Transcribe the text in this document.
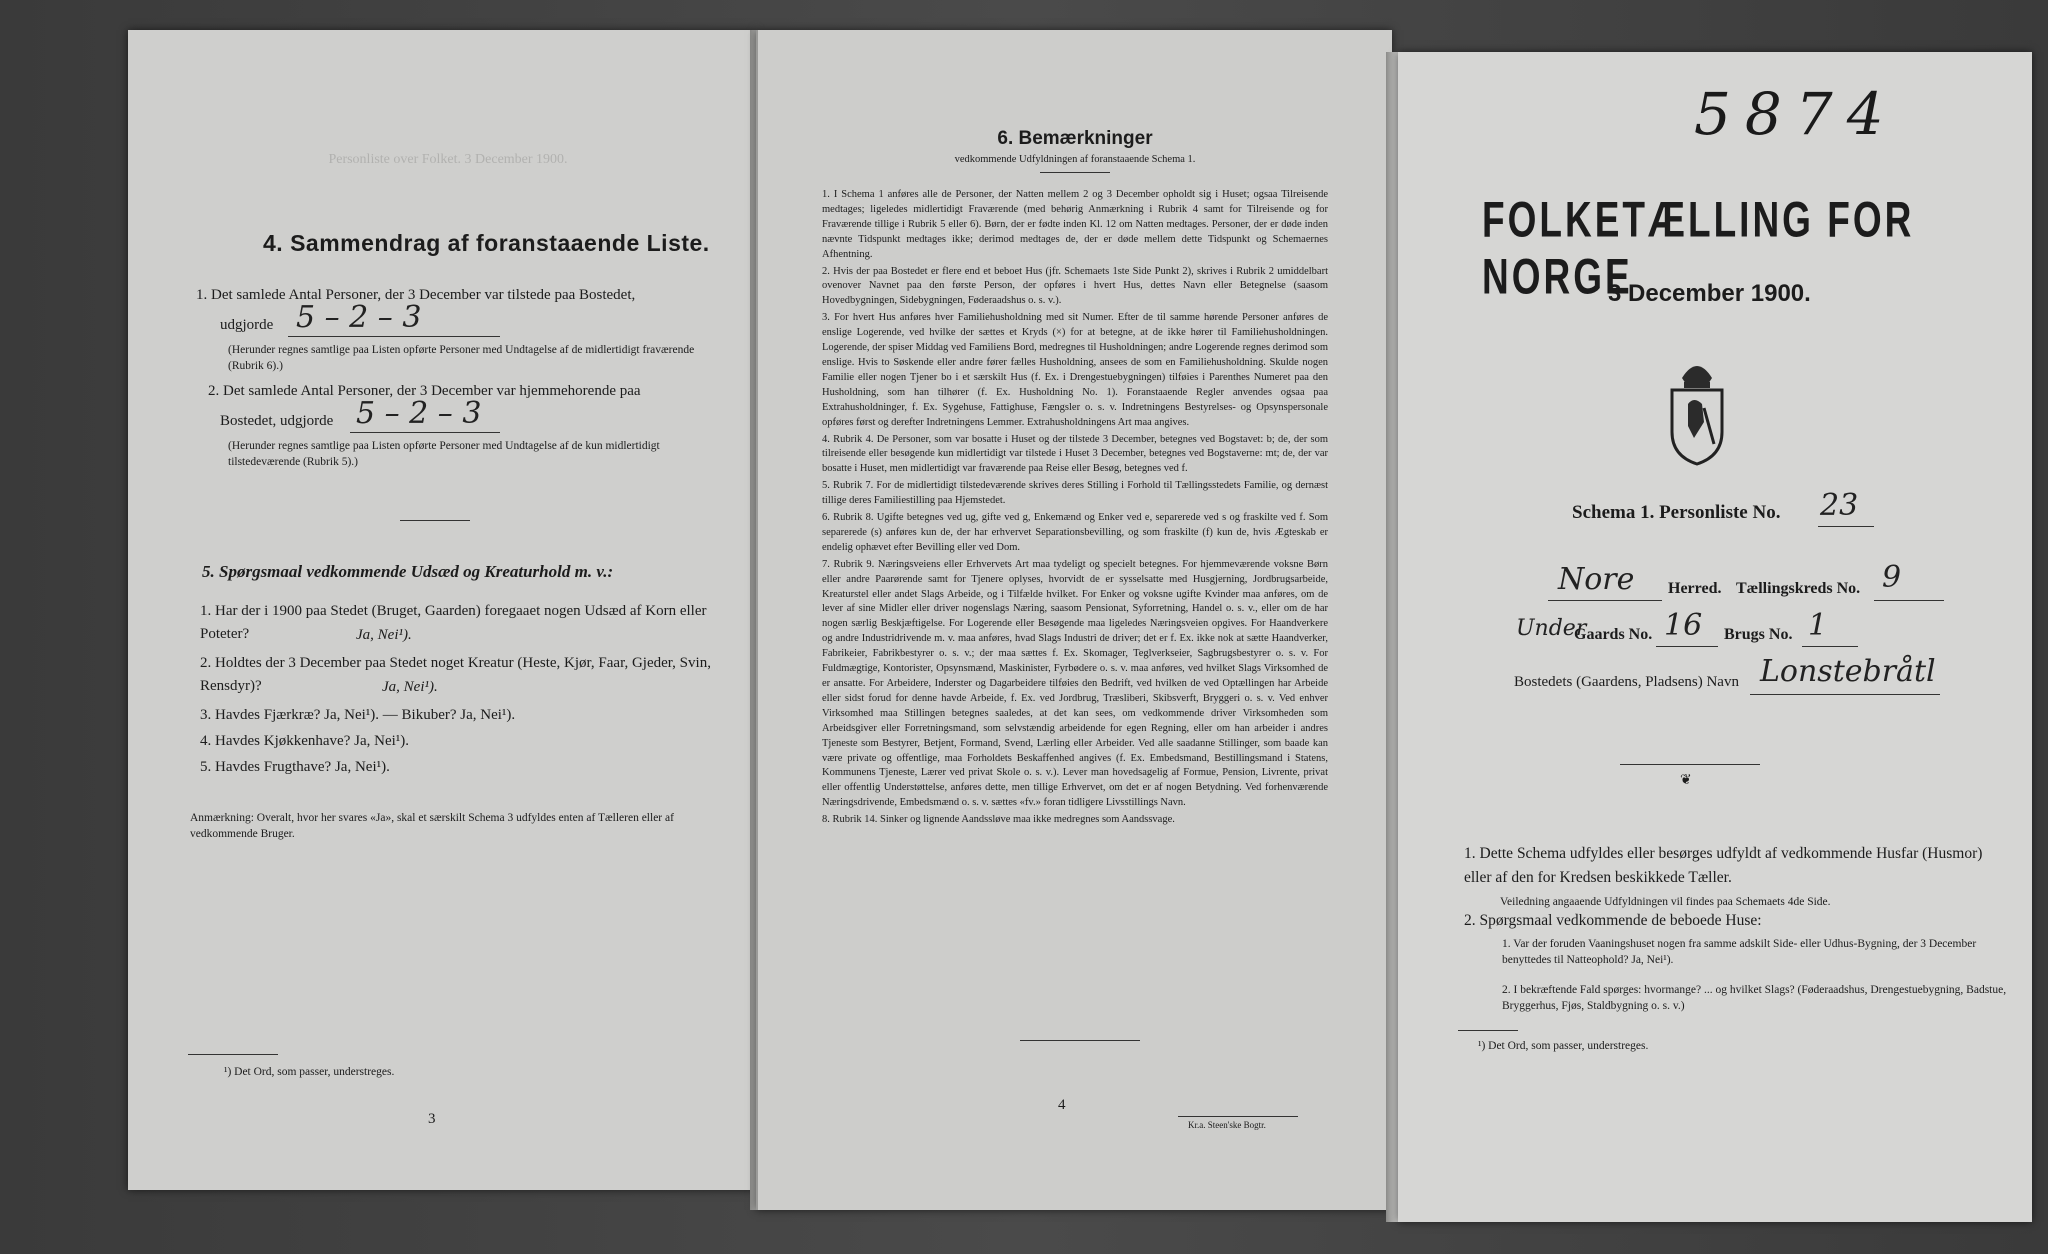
Personliste over Folket. 3 December 1900.
4. Sammendrag af foranstaaende Liste.
1. Det samlede Antal Personer, der 3 December var tilstede paa Bostedet,
udgjorde 5 – 2 – 3
(Herunder regnes samtlige paa Listen opførte Personer med Undtagelse af de midlertidigt fraværende (Rubrik 6).)
2. Det samlede Antal Personer, der 3 December var hjemmehorende paa
Bostedet, udgjorde 5 – 2 – 3
(Herunder regnes samtlige paa Listen opførte Personer med Undtagelse af de kun midlertidigt tilstedeværende (Rubrik 5).)
5. Spørgsmaal vedkommende Udsæd og Kreaturhold m. v.:
1. Har der i 1900 paa Stedet (Bruget, Gaarden) foregaaet nogen Udsæd af Korn eller Poteter?	Ja, Nei¹).
2. Holdtes der 3 December paa Stedet noget Kreatur (Heste, Kjør, Faar, Gjeder, Svin, Rensdyr)?	Ja, Nei¹).
3. Havdes Fjærkræ? Ja, Nei¹). — Bikuber? Ja, Nei¹).
4. Havdes Kjøkkenhave? Ja, Nei¹).
5. Havdes Frugthave? Ja, Nei¹).
Anmærkning: Overalt, hvor her svares «Ja», skal et særskilt Schema 3 udfyldes enten af Tælleren eller af vedkommende Bruger.
¹) Det Ord, som passer, understreges.
3
6. Bemærkninger
vedkommende Udfyldningen af foranstaaende Schema 1.
1. I Schema 1 anføres alle de Personer, der Natten mellem 2 og 3 December opholdt sig i Huset; ogsaa Tilreisende medtages; ligeledes midlertidigt Fraværende (med behørig Anmærkning i Rubrik 4 samt for Tilreisende og for Fraværende tillige i Rubrik 5 eller 6). Børn, der er fødte inden Kl. 12 om Natten medtages. Personer, der er døde inden nævnte Tidspunkt medtages ikke; derimod medtages de, der er døde mellem dette Tidspunkt og Schemaernes Afhentning.
2. Hvis der paa Bostedet er flere end et beboet Hus (jfr. Schemaets 1ste Side Punkt 2), skrives i Rubrik 2 umiddelbart ovenover Navnet paa den første Person, der opføres i hvert Hus, dettes Navn eller Betegnelse (saasom Hovedbygningen, Sidebygningen, Føderaadshus o. s. v.).
3. For hvert Hus anføres hver Familiehusholdning med sit Numer. Efter de til samme hørende Personer anføres de enslige Logerende, ved hvilke der sættes et Kryds (×) for at betegne, at de ikke hører til Familiehusholdningen. Logerende, der spiser Middag ved Familiens Bord, medregnes til Husholdningen; andre Logerende regnes derimod som enslige. Hvis to Søskende eller andre fører fælles Husholdning, ansees de som en Familiehusholdning. Skulde nogen Familie eller nogen Tjener bo i et særskilt Hus (f. Ex. i Drengestuebygningen) tilføies i Parenthes Numeret paa den Husholdning, som han tilhører (f. Ex. Husholdning No. 1). Foranstaaende Regler anvendes ogsaa paa Extrahusholdninger, f. Ex. Sygehuse, Fattighuse, Fængsler o. s. v. Indretningens Bestyrelses- og Opsynspersonale opføres først og derefter Indretningens Lemmer. Extrahusholdningens Art maa angives.
4. Rubrik 4. De Personer, som var bosatte i Huset og der tilstede 3 December, betegnes ved Bogstavet: b; de, der som tilreisende eller besøgende kun midlertidigt var tilstede i Huset 3 December, betegnes ved Bogstaverne: mt; de, der var bosatte i Huset, men midlertidigt var fraværende paa Reise eller Besøg, betegnes ved f.
5. Rubrik 7. For de midlertidigt tilstedeværende skrives deres Stilling i Forhold til Tællingsstedets Familie, og dernæst tillige deres Familiestilling paa Hjemstedet.
6. Rubrik 8. Ugifte betegnes ved ug, gifte ved g, Enkemænd og Enker ved e, separerede ved s og fraskilte ved f. Som separerede (s) anføres kun de, der har erhvervet Separationsbevilling, og som fraskilte (f) kun de, hvis Ægteskab er endelig ophævet efter Bevilling eller ved Dom.
7. Rubrik 9. Næringsveiens eller Erhvervets Art maa tydeligt og specielt betegnes. For hjemmeværende voksne Børn eller andre Paarørende samt for Tjenere oplyses, hvorvidt de er sysselsatte med Husgjerning, Jordbrugsarbeide, Kreaturstel eller andet Slags Arbeide, og i Tilfælde hvilket. For Enker og voksne ugifte Kvinder maa anføres, om de lever af sine Midler eller driver nogenslags Næring, saasom Pensionat, Syforretning, Handel o. s. v., eller om de har nogen særlig Beskjæftigelse. For Logerende eller Besøgende maa ligeledes Næringsveien opgives. For Haandverkere og andre Industridrivende m. v. maa anføres, hvad Slags Industri de driver; det er f. Ex. ikke nok at sætte Haandverker, Fabrikeier, Fabrikbestyrer o. s. v.; der maa sættes f. Ex. Skomager, Teglverkseier, Sagbrugsbestyrer o. s. v. For Fuldmægtige, Kontorister, Opsynsmænd, Maskinister, Fyrbødere o. s. v. maa anføres, ved hvilket Slags Virksomhed de er ansatte. For Arbeidere, Inderster og Dagarbeidere tilføies den Bedrift, ved hvilken de ved Optællingen har Arbeide eller sidst forud for denne havde Arbeide, f. Ex. ved Jordbrug, Træsliberi, Skibsverft, Bryggeri o. s. v. Ved enhver Virksomhed maa Stillingen betegnes saaledes, at det kan sees, om vedkommende driver Virksomheden som Arbeidsgiver eller Forretningsmand, som selvstændig arbeidende for egen Regning, eller om han arbeider i andres Tjeneste som Bestyrer, Betjent, Formand, Svend, Lærling eller Arbeider. Ved alle saadanne Stillinger, som baade kan være private og offentlige, maa Forholdets Beskaffenhed angives (f. Ex. Embedsmand, Bestillingsmand i Statens, Kommunens Tjeneste, Lærer ved privat Skole o. s. v.). Lever man hovedsagelig af Formue, Pension, Livrente, privat eller offentlig Understøttelse, anføres dette, men tillige Erhvervet, om det er af nogen Betydning. Ved forhenværende Næringsdrivende, Embedsmænd o. s. v. sættes «fv.» foran tidligere Livsstillings Navn.
8. Rubrik 14. Sinker og lignende Aandssløve maa ikke medregnes som Aandssvage.
4
Kr.a. Steen'ske Bogtr.
5874
FOLKETÆLLING FOR NORGE
3 December 1900.
Schema 1. Personliste No. 23
Nore Herred. Tællingskreds No. 9
Under
Gaards No. 16 Brugs No. 1
Bostedets (Gaardens, Pladsens) Navn Lonstebråtl
❦
1. Dette Schema udfyldes eller besørges udfyldt af vedkommende Husfar (Husmor) eller af den for Kredsen beskikkede Tæller.
Veiledning angaaende Udfyldningen vil findes paa Schemaets 4de Side.
2. Spørgsmaal vedkommende de beboede Huse:
1. Var der foruden Vaaningshuset nogen fra samme adskilt Side- eller Udhus-Bygning, der 3 December benyttedes til Natteophold? Ja, Nei¹).
2. I bekræftende Fald spørges: hvormange? ... og hvilket Slags? (Føderaadshus, Drengestuebygning, Badstue, Bryggerhus, Fjøs, Staldbygning o. s. v.)
¹) Det Ord, som passer, understreges.
